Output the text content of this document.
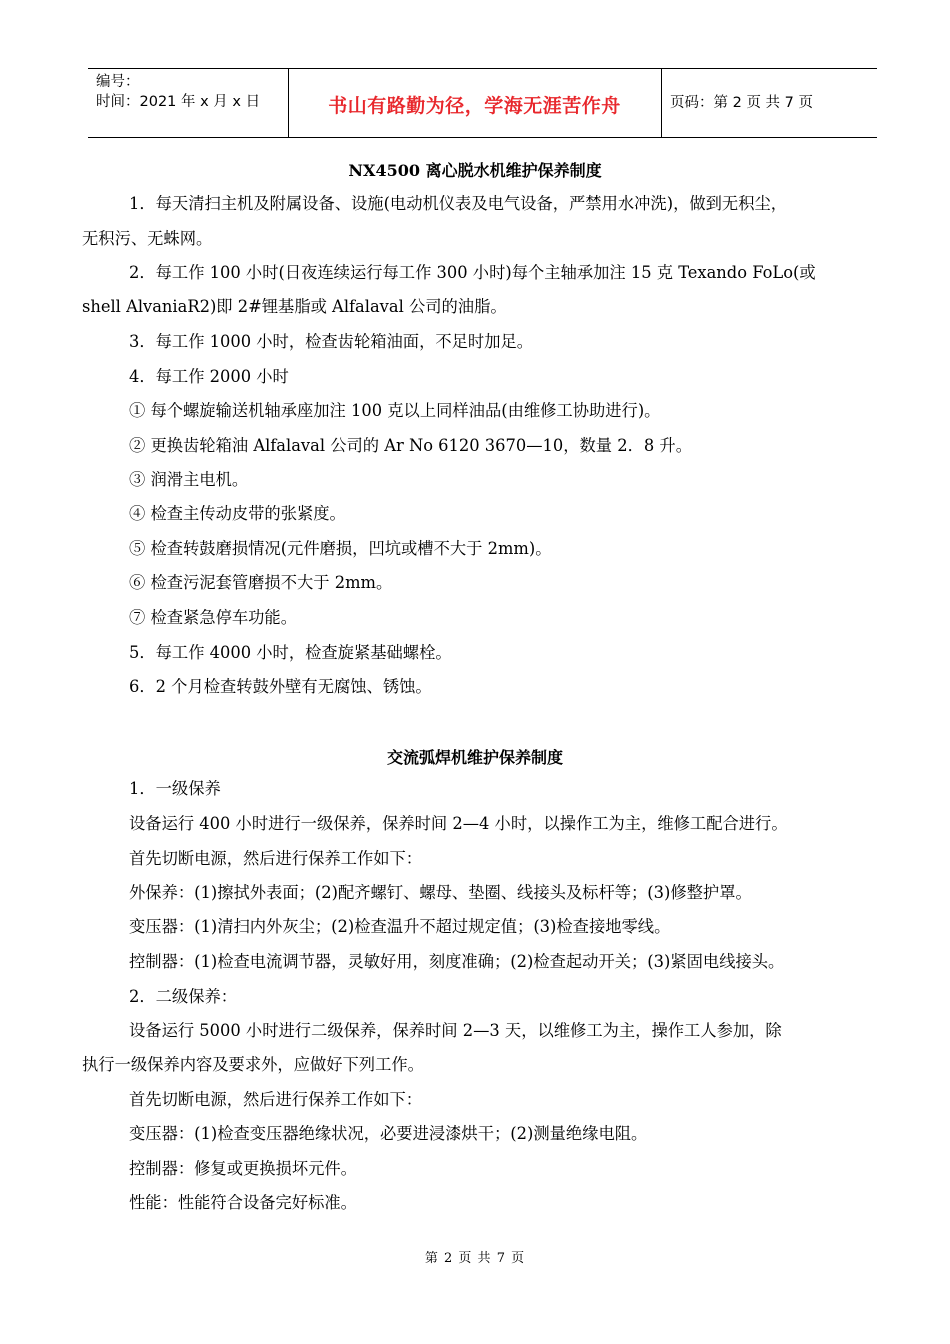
编号：
时间：2021 年 x 月 x 日	书山有路勤为径，学海无涯苦作舟	页码：第 2 页 共 7 页
NX4500 离心脱水机维护保养制度
1．每天清扫主机及附属设备、设施(电动机仪表及电气设备，严禁用水冲洗)，做到无积尘，
无积污、无蛛网。
2．每工作 100 小时(日夜连续运行每工作 300 小时)每个主轴承加注 15 克 Texando FoLo(或
shell AlvaniaR2)即 2#锂基脂或 Alfalaval 公司的油脂。
3．每工作 1000 小时，检查齿轮箱油面，不足时加足。
4．每工作 2000 小时
① 每个螺旋输送机轴承座加注 100 克以上同样油品(由维修工协助进行)。
② 更换齿轮箱油 Alfalaval 公司的 Ar No 6120 3670—10，数量 2．8 升。
③ 润滑主电机。
④ 检查主传动皮带的张紧度。
⑤ 检查转鼓磨损情况(元件磨损，凹坑或槽不大于 2mm)。
⑥ 检查污泥套管磨损不大于 2mm。
⑦ 检查紧急停车功能。
5．每工作 4000 小时，检查旋紧基础螺栓。
6．2 个月检查转鼓外壁有无腐蚀、锈蚀。
交流弧焊机维护保养制度
1．一级保养
设备运行 400 小时进行一级保养，保养时间 2—4 小时，以操作工为主，维修工配合进行。
首先切断电源，然后进行保养工作如下：
外保养：(1)擦拭外表面；(2)配齐螺钉、螺母、垫圈、线接头及标杆等；(3)修整护罩。
变压器：(1)清扫内外灰尘；(2)检查温升不超过规定值；(3)检查接地零线。
控制器：(1)检查电流调节器，灵敏好用，刻度准确；(2)检查起动开关；(3)紧固电线接头。
2．二级保养：
设备运行 5000 小时进行二级保养，保养时间 2—3 天，以维修工为主，操作工人参加，除
执行一级保养内容及要求外，应做好下列工作。
首先切断电源，然后进行保养工作如下：
变压器：(1)检查变压器绝缘状况，必要进浸漆烘干；(2)测量绝缘电阻。
控制器：修复或更换损坏元件。
性能：性能符合设备完好标准。
第 2 页 共 7 页
